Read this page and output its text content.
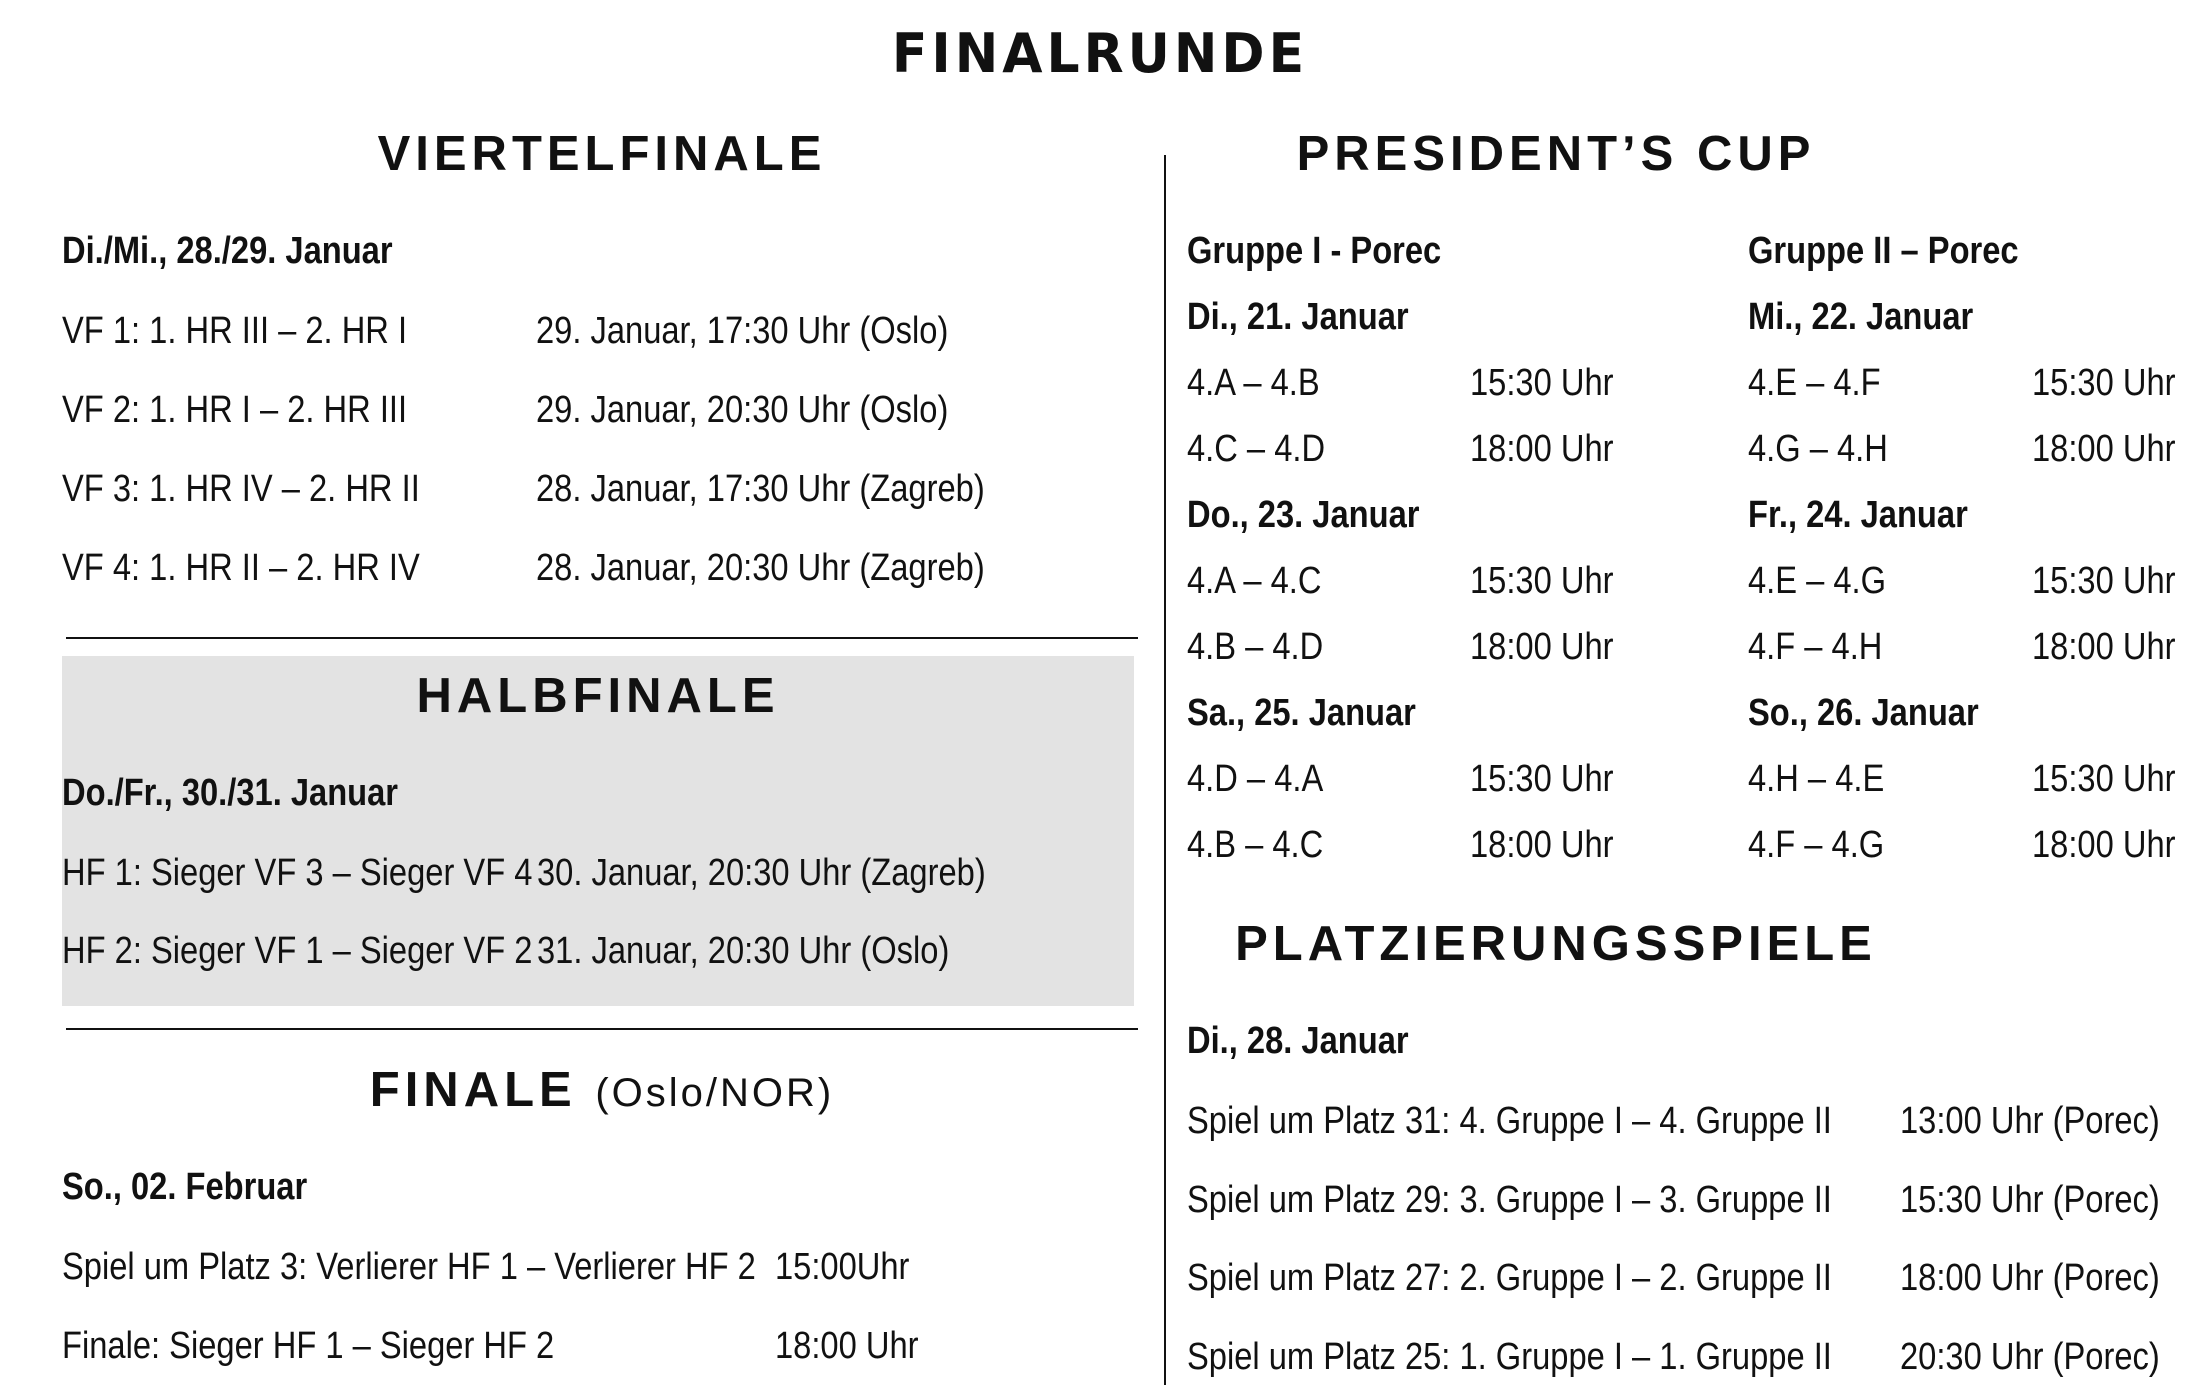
FINALRUNDE
VIERTELFINALE
Di./Mi., 28./29. Januar
VF 1: 1. HR III – 2. HR I	29. Januar, 17:30 Uhr (Oslo)
VF 2: 1. HR I – 2. HR III	29. Januar, 20:30 Uhr (Oslo)
VF 3: 1. HR IV – 2. HR II	28. Januar, 17:30 Uhr (Zagreb)
VF 4: 1. HR II – 2. HR IV	28. Januar, 20:30 Uhr (Zagreb)
HALBFINALE
Do./Fr., 30./31. Januar
HF 1: Sieger VF 3 – Sieger VF 4 30. Januar, 20:30 Uhr (Zagreb)
HF 2: Sieger VF 1 – Sieger VF 2 31. Januar, 20:30 Uhr (Oslo)
FINALE (Oslo/NOR)
So., 02. Februar
Spiel um Platz 3: Verlierer HF 1 – Verlierer HF 2 15:00Uhr
Finale: Sieger HF 1 – Sieger HF 2	18:00 Uhr
PRESIDENT’S CUP
Gruppe I - Porec
Di., 21. Januar
4.A – 4.B	15:30 Uhr
4.C – 4.D	18:00 Uhr
Do., 23. Januar
4.A – 4.C	15:30 Uhr
4.B – 4.D	18:00 Uhr
Sa., 25. Januar
4.D – 4.A	15:30 Uhr
4.B – 4.C	18:00 Uhr
Gruppe II – Porec
Mi., 22. Januar
4.E – 4.F	15:30 Uhr
4.G – 4.H	18:00 Uhr
Fr., 24. Januar
4.E – 4.G	15:30 Uhr
4.F – 4.H	18:00 Uhr
So., 26. Januar
4.H – 4.E	15:30 Uhr
4.F – 4.G	18:00 Uhr
PLATZIERUNGSSPIELE
Di., 28. Januar
Spiel um Platz 31: 4. Gruppe I – 4. Gruppe II 13:00 Uhr (Porec)
Spiel um Platz 29: 3. Gruppe I – 3. Gruppe II 15:30 Uhr (Porec)
Spiel um Platz 27: 2. Gruppe I – 2. Gruppe II 18:00 Uhr (Porec)
Spiel um Platz 25: 1. Gruppe I – 1. Gruppe II 20:30 Uhr (Porec)
